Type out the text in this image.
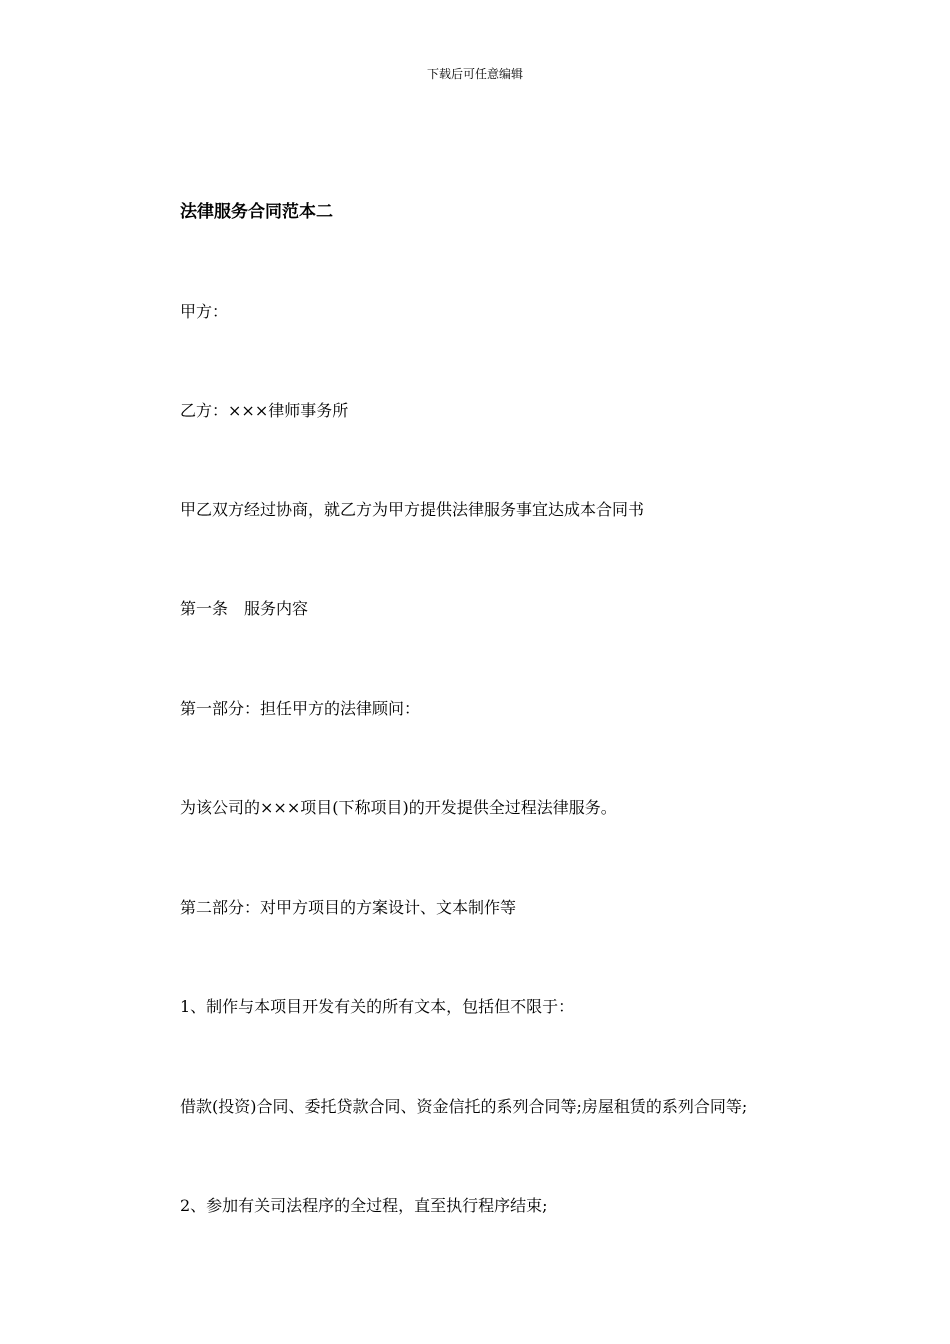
下载后可任意编辑
法律服务合同范本二
甲方：
乙方：×××律师事务所
甲乙双方经过协商，就乙方为甲方提供法律服务事宜达成本合同书
第一条　服务内容
第一部分：担任甲方的法律顾问：
为该公司的×××项目(下称项目)的开发提供全过程法律服务。
第二部分：对甲方项目的方案设计、文本制作等
1、制作与本项目开发有关的所有文本，包括但不限于：
借款(投资)合同、委托贷款合同、资金信托的系列合同等;房屋租赁的系列合同等;
2、参加有关司法程序的全过程，直至执行程序结束;
